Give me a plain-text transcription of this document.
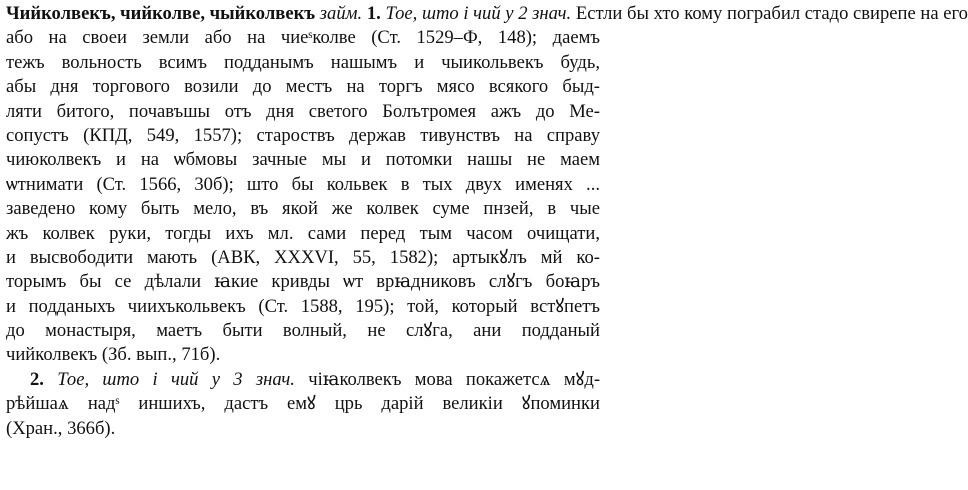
Чийколвекъ, чийколве, чыйколвекъ займ. 1. Тое, што і чий у 2 знач. Естли бы хто кому пограбил стадо свирепе на его
або на своеи земли або на чиеˢколве (Ст. 1529–Ф, 148); даемъ
тежъ вольность всимъ подданымъ нашымъ и чыикольвекъ будь,
абы дня торгового возили до местъ на торгъ мясо всякого быд-
ляти битого, почавъшы отъ дня светого Болътромея ажъ до Ме-
сопустъ (КПД, 549, 1557); староствъ держав тивунствъ на справу
чиюколвекъ и на ѡбмовы зачные мы и потомки нашы не маем
ѡтнимати (Ст. 1566, 30б); што бы кольвек в тых двух именях ...
заведено кому быть мело, въ якой же колвек суме пнзей, в чые
жъ колвек руки, тогды ихъ мл. сами перед тым часом очищати,
и высвободити мають (АВК, XXXVI, 55, 1582); артыкꙋлъ мй ко-
торымъ бы се дѣлали ꙗкие кривды ѡт врꙗдниковъ слꙋгъ боꙗръ
и подданыхъ чиихъкольвекъ (Ст. 1588, 195); той, который встꙋпетъ
до монастыря, маетъ быти волный, не слꙋга, ани подданый
чийколвекъ (Зб. вып., 71б).
2. Тое, што і чий у 3 знач. чіꙗколвекъ мова покажетсѧ мꙋд-
рѣйшаѧ надˢ иншихъ, дастъ емꙋ црь дарій великіи ꙋпоминки
(Хран., 366б).
